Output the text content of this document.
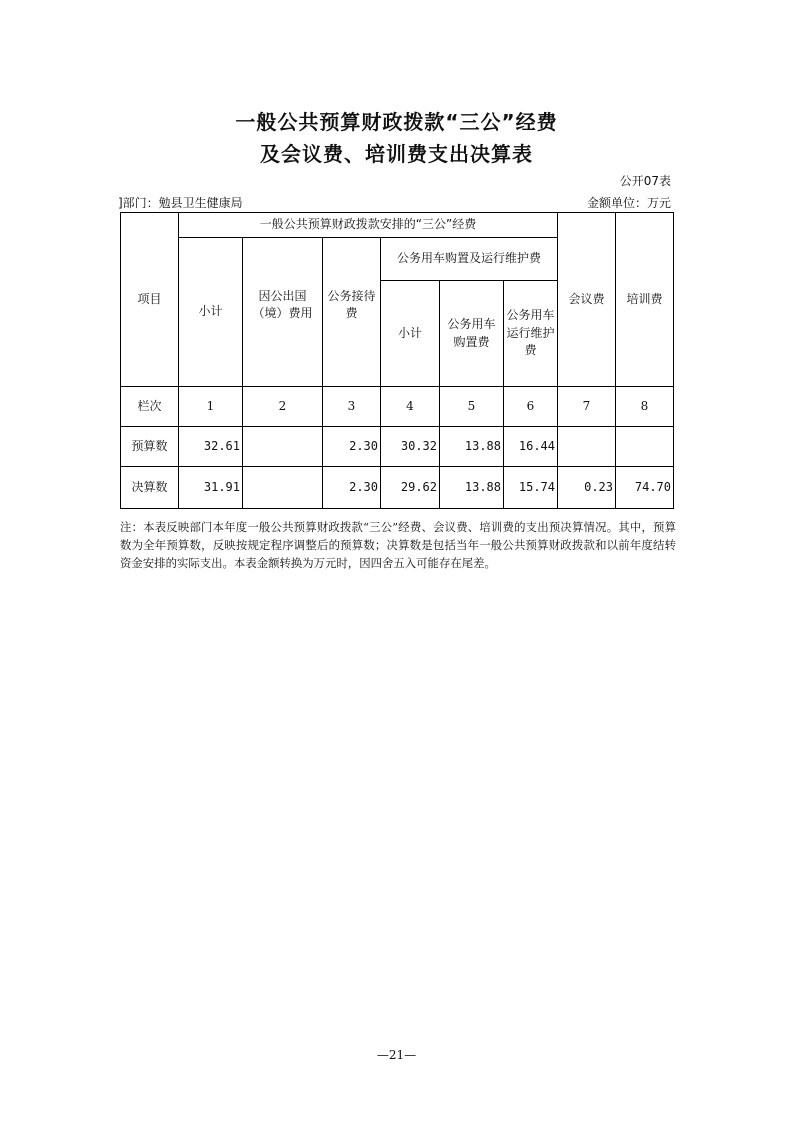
一般公共预算财政拨款“三公”经费
及会议费、培训费支出决算表
公开07表
]部门：勉县卫生健康局	金额单位：万元
项目	一般公共预算财政拨款安排的“三公”经费						会议费	培训费
	小计	因公出国（境）费用	公务接待费	公务用车购置及运行维护费				
				小计	公务用车购置费	公务用车运行维护费		

栏次	1	2	3	4	5	6	7	8
预算数	32.61		2.30	30.32	13.88	16.44		
决算数	31.91		2.30	29.62	13.88	15.74	0.23	74.70
注：本表反映部门本年度一般公共预算财政拨款“三公”经费、会议费、培训费的支出预决算情况。其中，预算数为全年预算数，反映按规定程序调整后的预算数；决算数是包括当年一般公共预算财政拨款和以前年度结转资金安排的实际支出。本表金额转换为万元时，因四舍五入可能存在尾差。
—21—
